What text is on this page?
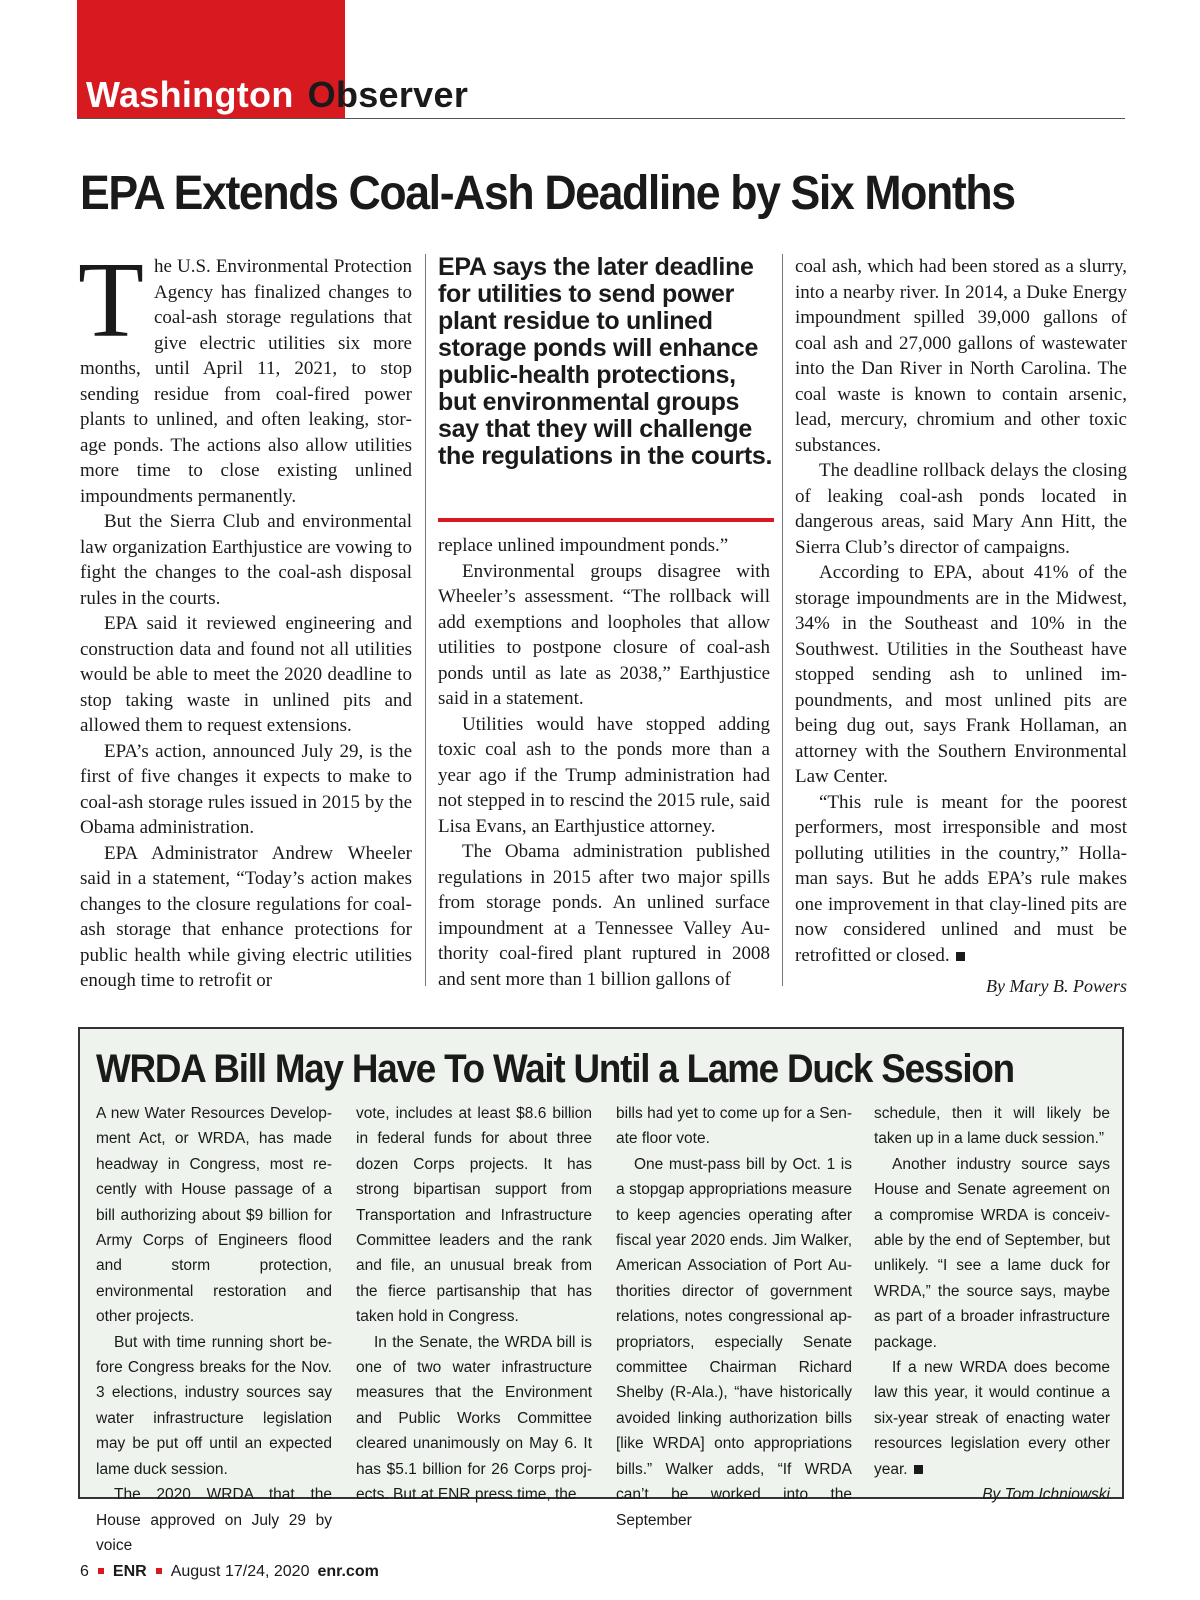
Washington Observer
EPA Extends Coal-Ash Deadline by Six Months

The U.S. Environmental Protection Agency has finalized changes to coal-ash storage regulations that give electric utilities six more months, until April 11, 2021, to stop sending residue from coal-fired power plants to unlined, and often leaking, storage ponds. The actions also allow utilities more time to close existing unlined impoundments permanently.

But the Sierra Club and environmental law organization Earthjustice are vowing to fight the changes to the coal-ash disposal rules in the courts.

EPA said it reviewed engineering and construction data and found not all utilities would be able to meet the 2020 deadline to stop taking waste in unlined pits and allowed them to request extensions.

EPA’s action, announced July 29, is the first of five changes it expects to make to coal-ash storage rules issued in 2015 by the Obama administration.

EPA Administrator Andrew Wheeler said in a statement, “Today’s action makes changes to the closure regulations for coal-ash storage that enhance protections for public health while giving electric utilities enough time to retrofit or

EPA says the later deadline for utilities to send power plant residue to unlined storage ponds will enhance public-health protections, but environmental groups say that they will challenge the regulations in the courts.

replace unlined impoundment ponds.”

Environmental groups disagree with Wheeler’s assessment. “The rollback will add exemptions and loopholes that allow utilities to postpone closure of coal-ash ponds until as late as 2038,” Earthjustice said in a statement.

Utilities would have stopped adding toxic coal ash to the ponds more than a year ago if the Trump administration had not stepped in to rescind the 2015 rule, said Lisa Evans, an Earthjustice attorney.

The Obama administration published regulations in 2015 after two major spills from storage ponds. An unlined surface impoundment at a Tennessee Valley Authority coal-fired plant ruptured in 2008 and sent more than 1 billion gallons of

coal ash, which had been stored as a slurry, into a nearby river. In 2014, a Duke Energy impoundment spilled 39,000 gallons of coal ash and 27,000 gallons of wastewater into the Dan River in North Carolina. The coal waste is known to contain arsenic, lead, mercury, chromium and other toxic substances.

The deadline rollback delays the closing of leaking coal-ash ponds located in dangerous areas, said Mary Ann Hitt, the Sierra Club’s director of campaigns.

According to EPA, about 41% of the storage impoundments are in the Midwest, 34% in the Southeast and 10% in the Southwest. Utilities in the Southeast have stopped sending ash to unlined impoundments, and most unlined pits are being dug out, says Frank Hollaman, an attorney with the Southern Environmental Law Center.

“This rule is meant for the poorest performers, most irresponsible and most polluting utilities in the country,” Hollaman says. But he adds EPA’s rule makes one improvement in that clay-lined pits are now considered unlined and must be retrofitted or closed.

By Mary B. Powers
WRDA Bill May Have To Wait Until a Lame Duck Session

A new Water Resources Development Act, or WRDA, has made headway in Congress, most recently with House passage of a bill authorizing about $9 billion for Army Corps of Engineers flood and storm protection, environmental restoration and other projects.

But with time running short before Congress breaks for the Nov. 3 elections, industry sources say water infrastructure legislation may be put off until an expected lame duck session.

The 2020 WRDA that the House approved on July 29 by voice

vote, includes at least $8.6 billion in federal funds for about three dozen Corps projects. It has strong bipartisan support from Transportation and Infrastructure Committee leaders and the rank and file, an unusual break from the fierce partisanship that has taken hold in Congress.

In the Senate, the WRDA bill is one of two water infrastructure measures that the Environment and Public Works Committee cleared unanimously on May 6. It has $5.1 billion for 26 Corps projects. But at ENR press time, the

bills had yet to come up for a Senate floor vote.

One must-pass bill by Oct. 1 is a stopgap appropriations measure to keep agencies operating after fiscal year 2020 ends. Jim Walker, American Association of Port Authorities director of government relations, notes congressional appropriators, especially Senate committee Chairman Richard Shelby (R-Ala.), “have historically avoided linking authorization bills [like WRDA] onto appropriations bills.” Walker adds, “If WRDA can’t be worked into the September

schedule, then it will likely be taken up in a lame duck session.”

Another industry source says House and Senate agreement on a compromise WRDA is conceivable by the end of September, but unlikely. “I see a lame duck for WRDA,” the source says, maybe as part of a broader infrastructure package.

If a new WRDA does become law this year, it would continue a six-year streak of enacting water resources legislation every other year.

By Tom Ichniowski

6 ENR August 17/24, 2020 enr.com
